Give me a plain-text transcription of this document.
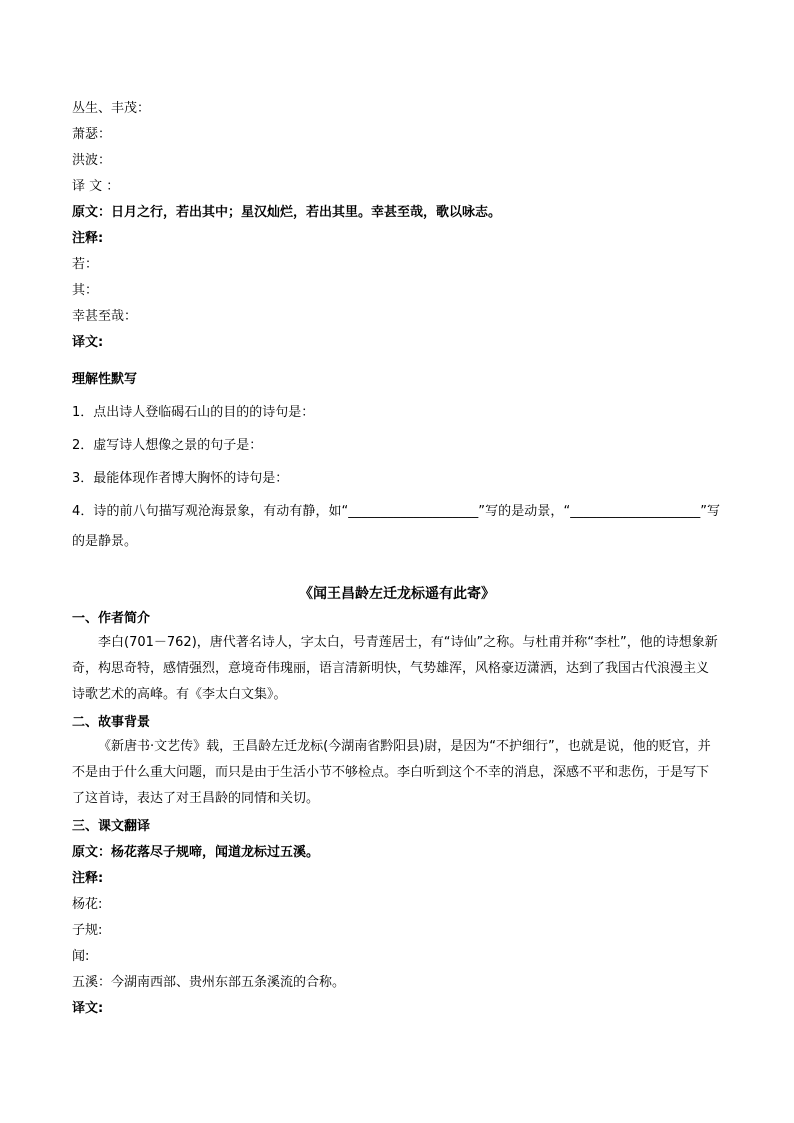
丛生、丰茂：
萧瑟：
洪波：
译 文 ：
原文：日月之行，若出其中；星汉灿烂，若出其里。幸甚至哉，歌以咏志。
注释:
若：
其：
幸甚至哉：
译文:
理解性默写
1．点出诗人登临碣石山的目的的诗句是：
2．虚写诗人想像之景的句子是：
3．最能体现作者博大胸怀的诗句是：
4．诗的前八句描写观沧海景象，有动有静，如“____________________”写的是动景，“____________________”写的是静景。
《闻王昌龄左迁龙标遥有此寄》
一、作者简介
李白(701－762)，唐代著名诗人，字太白，号青莲居士，有“诗仙”之称。与杜甫并称“李杜”，他的诗想象新奇，构思奇特，感情强烈，意境奇伟瑰丽，语言清新明快，气势雄浑，风格豪迈潇洒，达到了我国古代浪漫主义诗歌艺术的高峰。有《李太白文集》。
二、故事背景
《新唐书·文艺传》载，王昌龄左迁龙标(今湖南省黔阳县)尉，是因为“不护细行”，也就是说，他的贬官，并不是由于什么重大问题，而只是由于生活小节不够检点。李白听到这个不幸的消息，深感不平和悲伤，于是写下了这首诗，表达了对王昌龄的同情和关切。
三、课文翻译
原文：杨花落尽子规啼，闻道龙标过五溪。
注释:
杨花:
子规:
闻:
五溪：今湖南西部、贵州东部五条溪流的合称。
译文:
